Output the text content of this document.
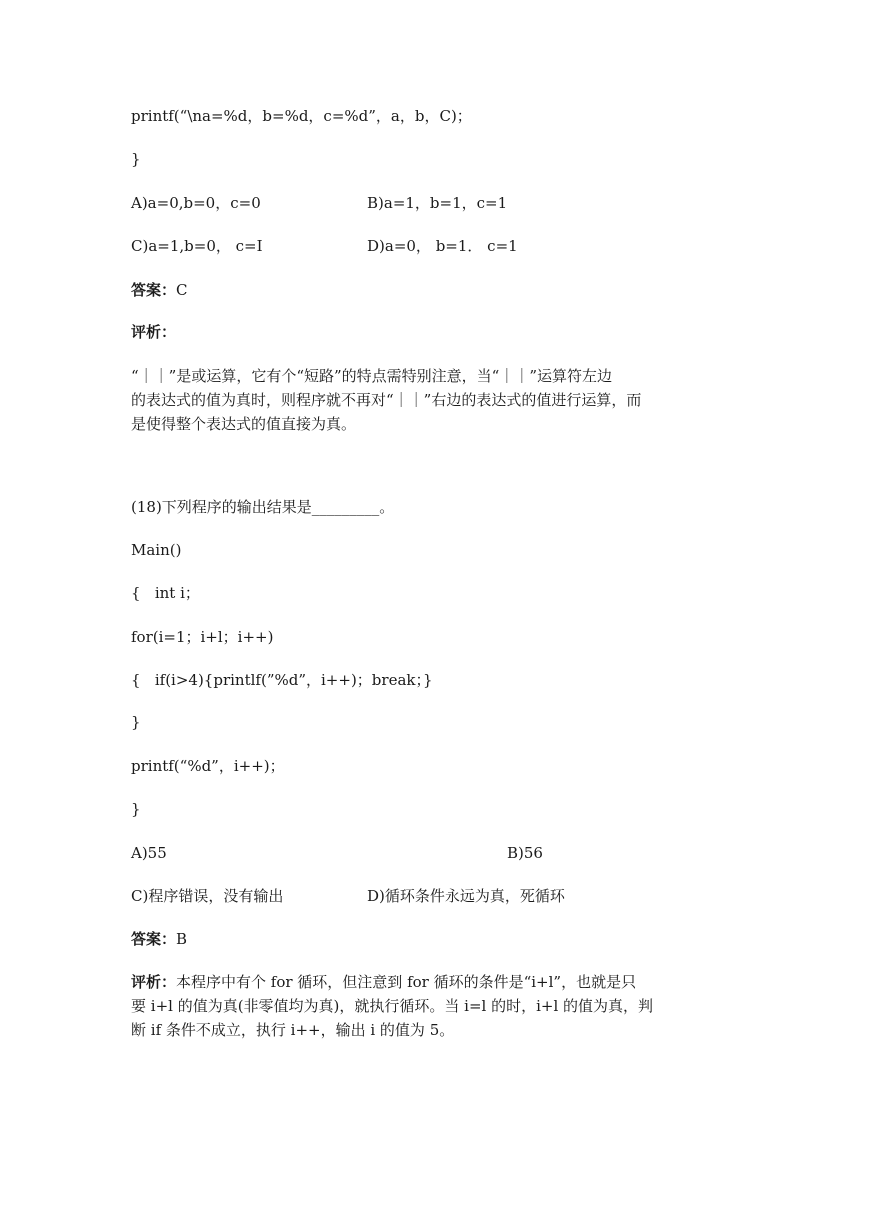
printf(“\na=%d，b=%d，c=%d”，a，b，C)；

}

A)a=0,b=0，c=0	B)a=1，b=1，c=1

C)a=1,b=0， c=I	D)a=0， b=1． c=1

答案：C

评析：

“｜｜”是或运算，它有个“短路”的特点需特别注意，当“｜｜”运算符左边
的表达式的值为真时，则程序就不再对“｜｜”右边的表达式的值进行运算，而
是使得整个表达式的值直接为真。

(18)下列程序的输出结果是_________。

Main()

{   int i；

for(i=1；i+l；i++)

{   if(i>4){printlf(”%d”，i++)；break；}

}

printf(“%d”，i++)；

}

A)55	B)56

C)程序错误，没有输出	D)循环条件永远为真，死循环

答案：B

评析：本程序中有个 for 循环，但注意到 for 循环的条件是“i+l”，也就是只
要 i+l 的值为真(非零值均为真)，就执行循环。当 i=l 的时，i+l 的值为真，判
断 if 条件不成立，执行 i++，输出 i 的值为 5。
